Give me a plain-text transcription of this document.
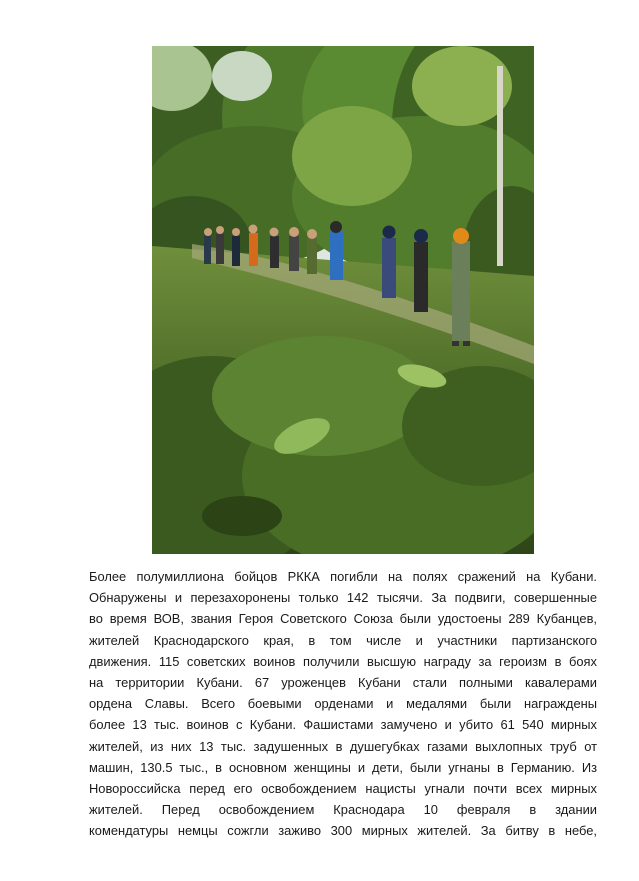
Более полумиллиона бойцов РККА погибли на полях сражений на Кубани.
Обнаружены и перезахоронены только 142 тысячи. За подвиги, совершенные
во время ВОВ, звания Героя Советского Союза были удостоены 289 Кубанцев,
жителей Краснодарского края, в том числе и участники партизанского
движения. 115 советских воинов получили высшую награду за героизм в боях
на территории Кубани. 67 уроженцев Кубани стали полными кавалерами
ордена Славы. Всего боевыми орденами и медалями были награждены
более 13 тыс. воинов с Кубани. Фашистами замучено и убито 61 540 мирных
жителей, из них 13 тыс. задушенных в душегубках газами выхлопных труб от
машин, 130.5 тыс., в основном женщины и дети, были угнаны в Германию. Из
Новороссийска перед его освобождением нацисты угнали почти всех мирных
жителей. Перед освобождением Краснодара 10 февраля в здании
комендатуры немцы сожгли заживо 300 мирных жителей. За битву в небе,
